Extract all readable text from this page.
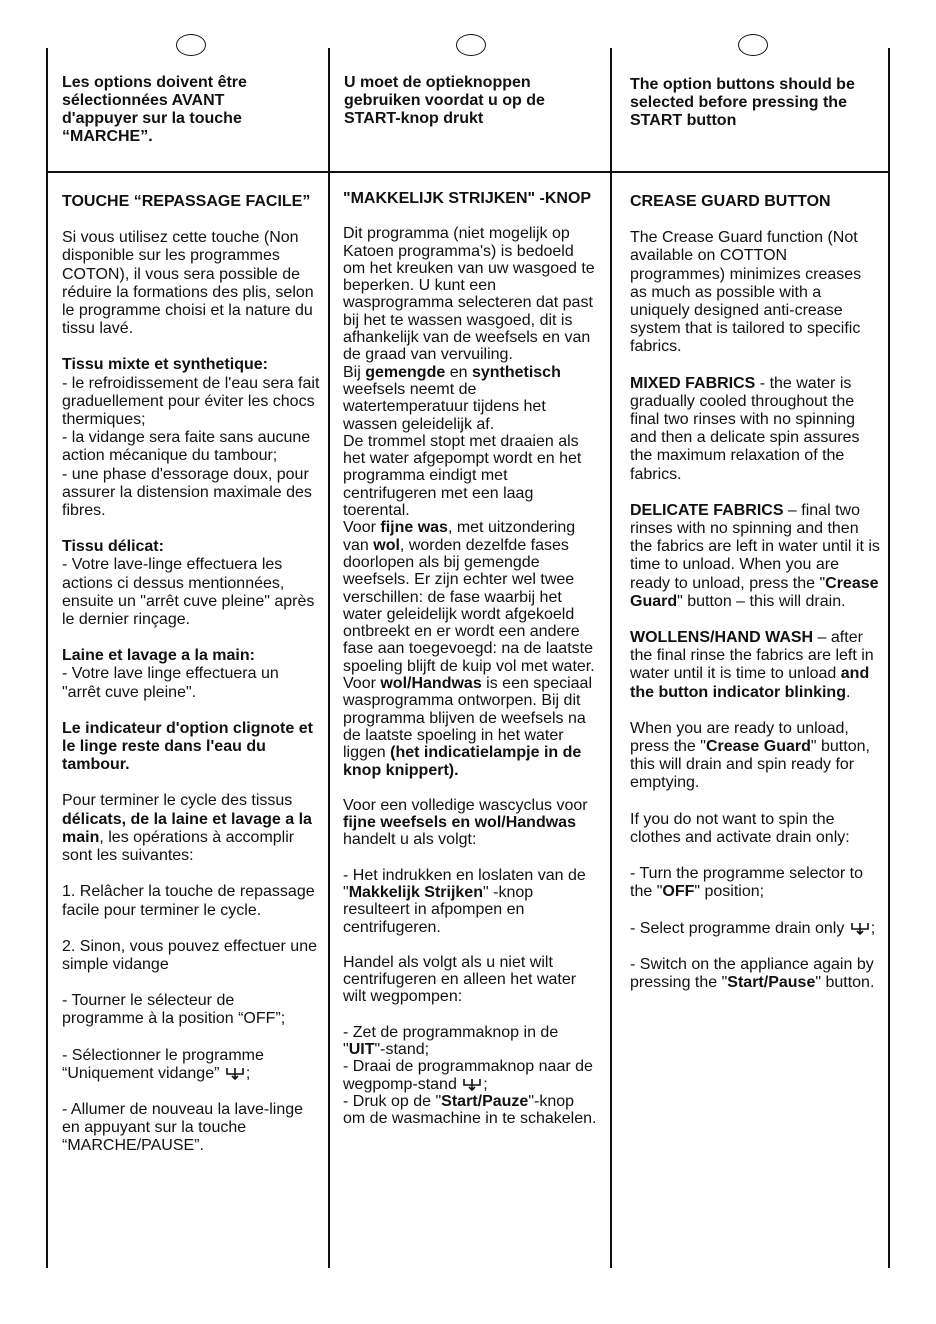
Les options doivent être sélectionnées AVANT d'appuyer sur la touche “MARCHE”.
U moet de optieknoppen gebruiken voordat u op de START-knop drukt
The option buttons should be selected before pressing the START button

TOUCHE “REPASSAGE FACILE”

Si vous utilisez cette touche (Non disponible sur les programmes COTON), il vous sera possible de réduire la formations des plis, selon le programme choisi et la nature du tissu lavé.

Tissu mixte et synthetique:
- le refroidissement de l'eau sera fait graduellement pour éviter les chocs thermiques;
- la vidange sera faite sans aucune action mécanique du tambour;
- une phase d'essorage doux, pour assurer la distension maximale des fibres.

Tissu délicat:
- Votre lave-linge effectuera les actions ci dessus mentionnées, ensuite un "arrêt cuve pleine" après le dernier rinçage.

Laine et lavage a la main:
- Votre lave linge effectuera un "arrêt cuve pleine".

Le indicateur d'option clignote et le linge reste dans l'eau du tambour.

Pour terminer le cycle des tissus délicats, de la laine et lavage a la main, les opérations à accomplir sont les suivantes:

1. Relâcher la touche de repassage facile pour terminer le cycle.

2. Sinon, vous pouvez effectuer une simple vidange

- Tourner le sélecteur de programme à la position “OFF”;

- Sélectionner le programme “Uniquement vidange” ;

- Allumer de nouveau la lave-linge en appuyant sur la touche “MARCHE/PAUSE”.

"MAKKELIJK STRIJKEN" -KNOP

Dit programma (niet mogelijk op Katoen programma's) is bedoeld om het kreuken van uw wasgoed te beperken. U kunt een wasprogramma selecteren dat past bij het te wassen wasgoed, dit is afhankelijk van de weefsels en van de graad van vervuiling.

Bij gemengde en synthetisch weefsels neemt de watertemperatuur tijdens het wassen geleidelijk af.

De trommel stopt met draaien als het water afgepompt wordt en het programma eindigt met centrifugeren met een laag toerental.

Voor fijne was, met uitzondering van wol, worden dezelfde fases doorlopen als bij gemengde weefsels. Er zijn echter wel twee verschillen: de fase waarbij het water geleidelijk wordt afgekoeld ontbreekt en er wordt een andere fase aan toegevoegd: na de laatste spoeling blijft de kuip vol met water.

Voor wol/Handwas is een speciaal wasprogramma ontworpen. Bij dit programma blijven de weefsels na de laatste spoeling in het water liggen (het indicatielampje in de knop knippert).

Voor een volledige wascyclus voor fijne weefsels en wol/Handwas handelt u als volgt:

- Het indrukken en loslaten van de "Makkelijk Strijken" -knop resulteert in afpompen en centrifugeren.

Handel als volgt als u niet wilt centrifugeren en alleen het water wilt wegpompen:

- Zet de programmaknop in de "UIT"-stand;

- Draai de programmaknop naar de wegpomp-stand ;

- Druk op de "Start/Pauze"-knop om de wasmachine in te schakelen.

CREASE GUARD BUTTON

The Crease Guard function (Not available on COTTON programmes) minimizes creases as much as possible with a uniquely designed anti-crease system that is tailored to specific fabrics.

MIXED FABRICS - the water is gradually cooled throughout the final two rinses with no spinning and then a delicate spin assures the maximum relaxation of the fabrics.

DELICATE FABRICS – final two rinses with no spinning and then the fabrics are left in water until it is time to unload. When you are ready to unload, press the "Crease Guard" button – this will drain.

WOLLENS/HAND WASH – after the final rinse the fabrics are left in water until it is time to unload and the button indicator blinking.

When you are ready to unload, press the "Crease Guard" button, this will drain and spin ready for emptying.

If you do not want to spin the clothes and activate drain only:

- Turn the programme selector to the "OFF" position;

- Select programme drain only ;

- Switch on the appliance again by pressing the "Start/Pause" button.
